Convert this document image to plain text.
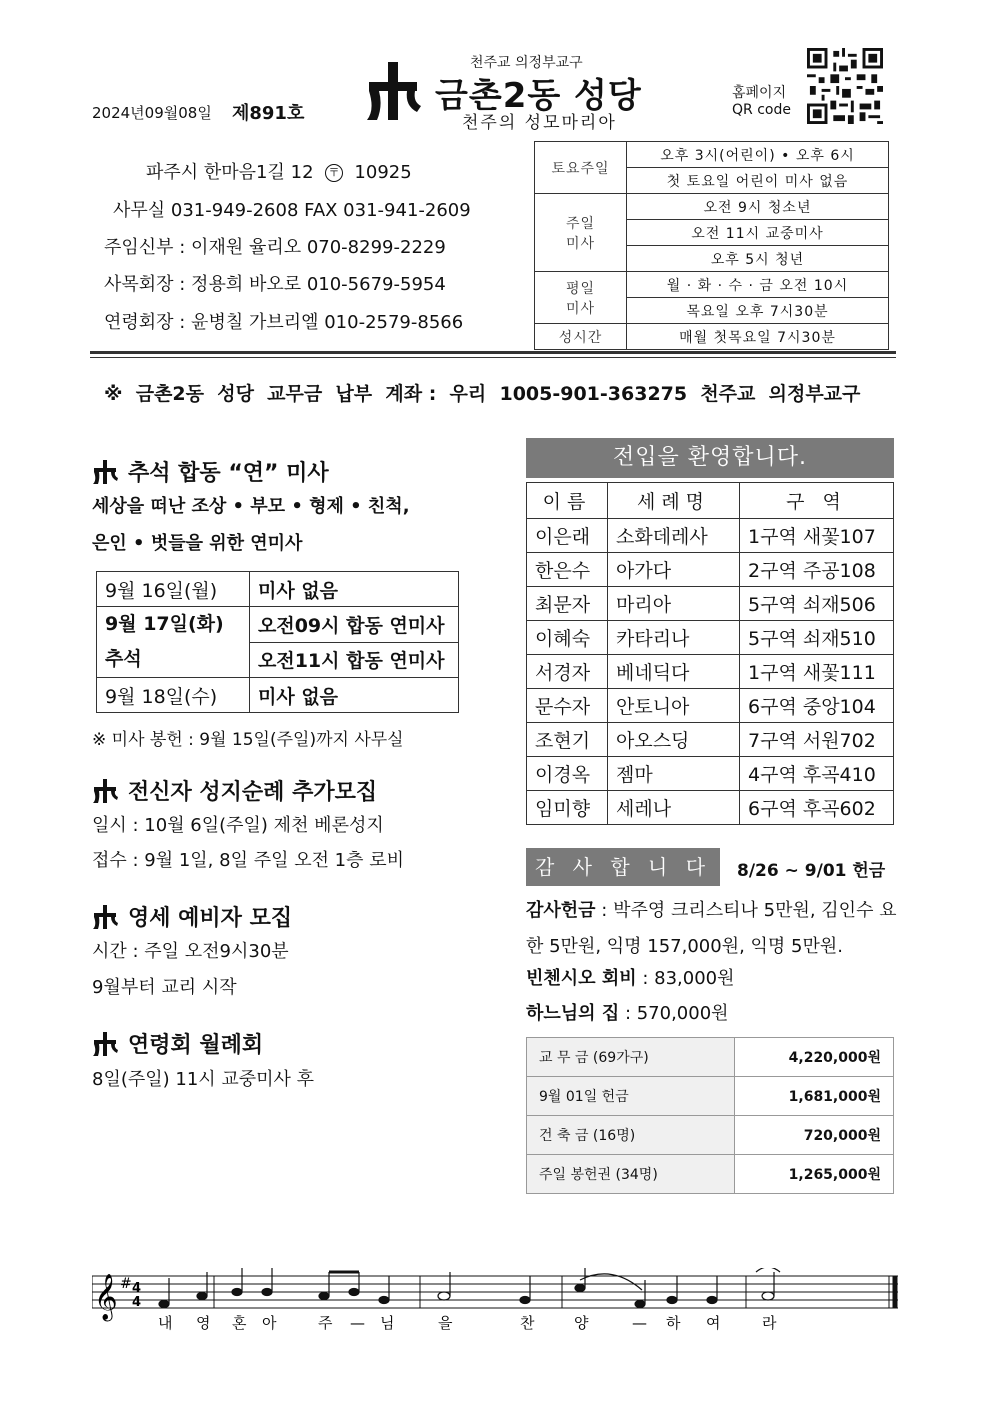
천주교 의정부교구
금촌2동 성당
천주의 성모마리아
2024년09월08일 제891호
홈페이지
QR code
파주시 한마음1길 12  〒  10925
사무실 031-949-2608 FAX 031-941-2609
주임신부 : 이재원 율리오 070-8299-2229
사목회장 : 정용희 바오로 010-5679-5954
연령회장 : 윤병칠 가브리엘 010-2579-8566
토요주일	오후 3시(어린이) • 오후 6시
	첫 토요일 어린이 미사 없음
주일
미사	오전 9시 청소년
	오전 11시 교중미사
	오후 5시 청년
평일
미사	월 · 화 · 수 · 금 오전 10시
	목요일 오후 7시30분
성시간	매월 첫목요일 7시30분
※  금촌2동  성당  교무금  납부  계좌 :  우리  1005-901-363275  천주교  의정부교구
추석 합동 “연” 미사
세상을 떠난 조상 • 부모 • 형제 • 친척,
은인 • 벗들을 위한 연미사
9월 16일(월)	미사 없음
9월 17일(화)
추석	오전09시 합동 연미사
	오전11시 합동 연미사
9월 18일(수)	미사 없음
※ 미사 봉헌 : 9월 15일(주일)까지 사무실
전신자 성지순례 추가모집
일시 : 10월 6일(주일) 제천 베론성지
접수 : 9월 1일, 8일 주일 오전 1층 로비
영세 예비자 모집
시간 : 주일 오전9시30분
9월부터 교리 시작
연령회 월례회
8일(주일) 11시 교중미사 후
전입을 환영합니다.
이름	세례명	구 역
이은래	소화데레사	1구역 새꽃107
한은수	아가다	2구역 주공108
최문자	마리아	5구역 쇠재506
이혜숙	카타리나	5구역 쇠재510
서경자	베네딕다	1구역 새꽃111
문수자	안토니아	6구역 중앙104
조현기	아오스딩	7구역 서원702
이경옥	젬마	4구역 후곡410
임미향	세레나	6구역 후곡602
감 사 합 니 다	8/26 ~ 9/01 헌금
감사헌금 : 박주영 크리스티나 5만원, 김인수 요
한 5만원, 익명 157,000원, 익명 5만원.
빈첸시오 회비 : 83,000원
하느님의 집 : 570,000원
교 무 금 (69가구)	4,220,000원
9월 01일 헌금	1,681,000원
건 축 금 (16명)	720,000원
주일 봉헌권 (34명)	1,265,000원
𝄞 # 4
4
내 영 혼 아	주 — 님	을	찬	양	— 하 여	라
